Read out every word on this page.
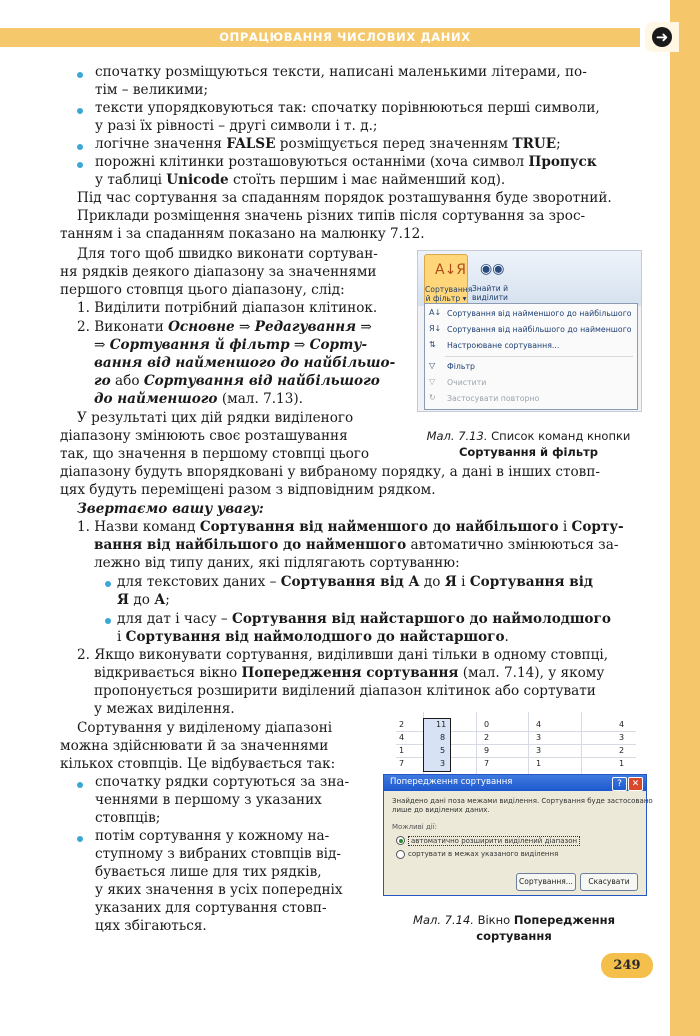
ОПРАЦЮВАННЯ ЧИСЛОВИХ ДАНИХ	➜
спочатку розміщуються тексти, написані маленькими літерами, по-
тім – великими;
тексти упорядковуються так: спочатку порівнюються перші символи,
у разі їх рівності – другі символи і т. д.;
логічне значення FALSE розміщується перед значенням TRUE;
порожні клітинки розташовуються останніми (хоча символ Пропуск
у таблиці Unicode стоїть першим і має найменший код).
Під час сортування за спаданням порядок розташування буде зворотний.
Приклади розміщення значень різних типів після сортування за зрос-
танням і за спаданням показано на малюнку 7.12.
Для того щоб швидко виконати сортуван-
ня рядків деякого діапазону за значеннями
першого стовпця цього діапазону, слід:
1. Виділити потрібний діапазон клітинок.
2. Виконати Основне ⇒ Редагування ⇒
⇒ Сортування й фільтр ⇒ Сорту-
вання від найменшого до найбільшо-
го або Сортування від найбільшого
до найменшого (мал. 7.13).
У результаті цих дій рядки виділеного
діапазону змінюють своє розташування
так, що значення в першому стовпці цього
діапазону будуть впорядковані у вибраному порядку, а дані в інших стовп-
цях будуть переміщені разом з відповідним рядком.
Звертаємо вашу увагу:
1. Назви команд Сортування від найменшого до найбільшого і Сорту-
вання від найбільшого до найменшого автоматично змінюються за-
лежно від типу даних, які підлягають сортуванню:
для текстових даних – Сортування від А до Я і Сортування від
Я до А;
для дат і часу – Сортування від найстаршого до наймолодшого
і Сортування від наймолодшого до найстаршого.
2. Якщо виконувати сортування, виділивши дані тільки в одному стовпці,
відкривається вікно Попередження сортування (мал. 7.14), у якому
пропонується розширити виділений діапазон клітинок або сортувати
у межах виділення.
Сортування у виділеному діапазоні
можна здійснювати й за значеннями
кількох стовпців. Це відбувається так:
спочатку рядки сортуються за зна-
ченнями в першому з указаних
стовпців;
потім сортування у кожному на-
ступному з вибраних стовпців від-
бувається лише для тих рядків,
у яких значення в усіх попередніх
указаних для сортування стовп-
цях збігаються.
А↓Я
Сортування
й фільтр ▾
◉◉
Знайти й
виділити
А↓ Сортування від найменшого до найбільшого
Я↓ Сортування від найбільшого до найменшого
⇅ Настроюване сортування...
▽ Фільтр
▽ Очистити
↻ Застосувати повторно
Мал. 7.13. Список команд кнопки
Сортування й фільтр
2	11	0	4	4
4	8	2	3	3
1	5	9	3	2
7	3	7	1	1
Попередження сортування	?	✕
Знайдено дані поза межами виділення. Сортування буде застосовано
лише до виділених даних.
Можливі дії:
автоматично розширити виділений діапазон
сортувати в межах указаного виділення
Сортування...	Скасувати
Мал. 7.14. Вікно Попередження
сортування
249
